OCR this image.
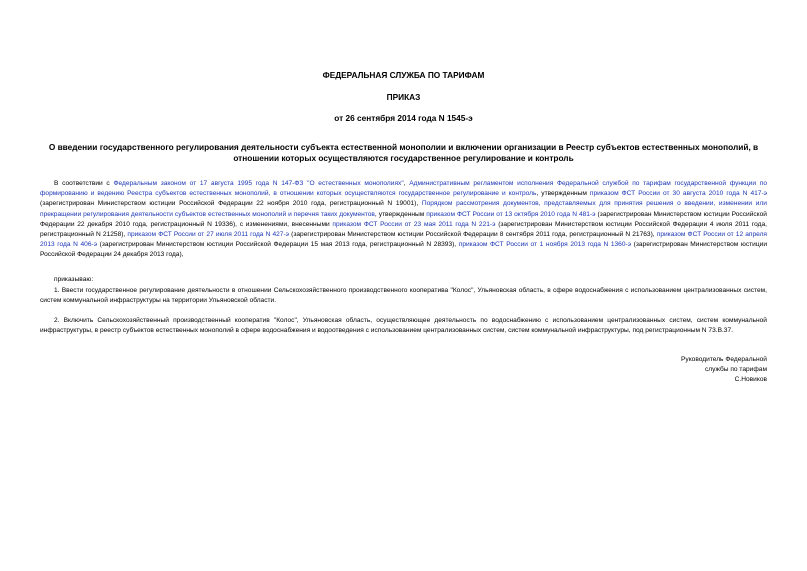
ФЕДЕРАЛЬНАЯ СЛУЖБА ПО ТАРИФАМ
ПРИКАЗ
от 26 сентября 2014 года N 1545-э
О введении государственного регулирования деятельности субъекта естественной монополии и включении организации в Реестр субъектов естественных монополий, в отношении которых осуществляются государственное регулирование и контроль
В соответствии с Федеральным законом от 17 августа 1995 года N 147-ФЗ "О естественных монополиях", Административным регламентом исполнения Федеральной службой по тарифам государственной функции по формированию и ведению Реестра субъектов естественных монополий, в отношении которых осуществляются государственное регулирование и контроль, утвержденным приказом ФСТ России от 30 августа 2010 года N 417-э (зарегистрирован Министерством юстиции Российской Федерации 22 ноября 2010 года, регистрационный N 19001), Порядком рассмотрения документов, представляемых для принятия решения о введении, изменении или прекращении регулирования деятельности субъектов естественных монополий и перечня таких документов, утвержденным приказом ФСТ России от 13 октября 2010 года N 481-э (зарегистрирован Министерством юстиции Российской Федерации 22 декабря 2010 года, регистрационный N 19336), с изменениями, внесенными приказом ФСТ России от 23 мая 2011 года N 221-э (зарегистрирован Министерством юстиции Российской Федерации 4 июля 2011 года, регистрационный N 21258), приказом ФСТ России от 27 июля 2011 года N 427-э (зарегистрирован Министерством юстиции Российской Федерации 8 сентября 2011 года, регистрационный N 21763), приказом ФСТ России от 12 апреля 2013 года N 406-э (зарегистрирован Министерством юстиции Российской Федерации 15 мая 2013 года, регистрационный N 28393), приказом ФСТ России от 1 ноября 2013 года N 1360-э (зарегистрирован Министерством юстиции Российской Федерации 24 декабря 2013 года),
приказываю:
1. Ввести государственное регулирование деятельности в отношении Сельскохозяйственного производственного кооператива "Колос", Ульяновская область, в сфере водоснабжения с использованием централизованных систем, систем коммунальной инфраструктуры на территории Ульяновской области.
2. Включить Сельскохозяйственный производственный кооператив "Колос", Ульяновская область, осуществляющее деятельность по водоснабжению с использованием централизованных систем, систем коммунальной инфраструктуры, в реестр субъектов естественных монополий в сфере водоснабжения и водоотведения с использованием централизованных систем, систем коммунальной инфраструктуры, под регистрационным N 73.В.37.
Руководитель Федеральной
службы по тарифам
С.Новиков
